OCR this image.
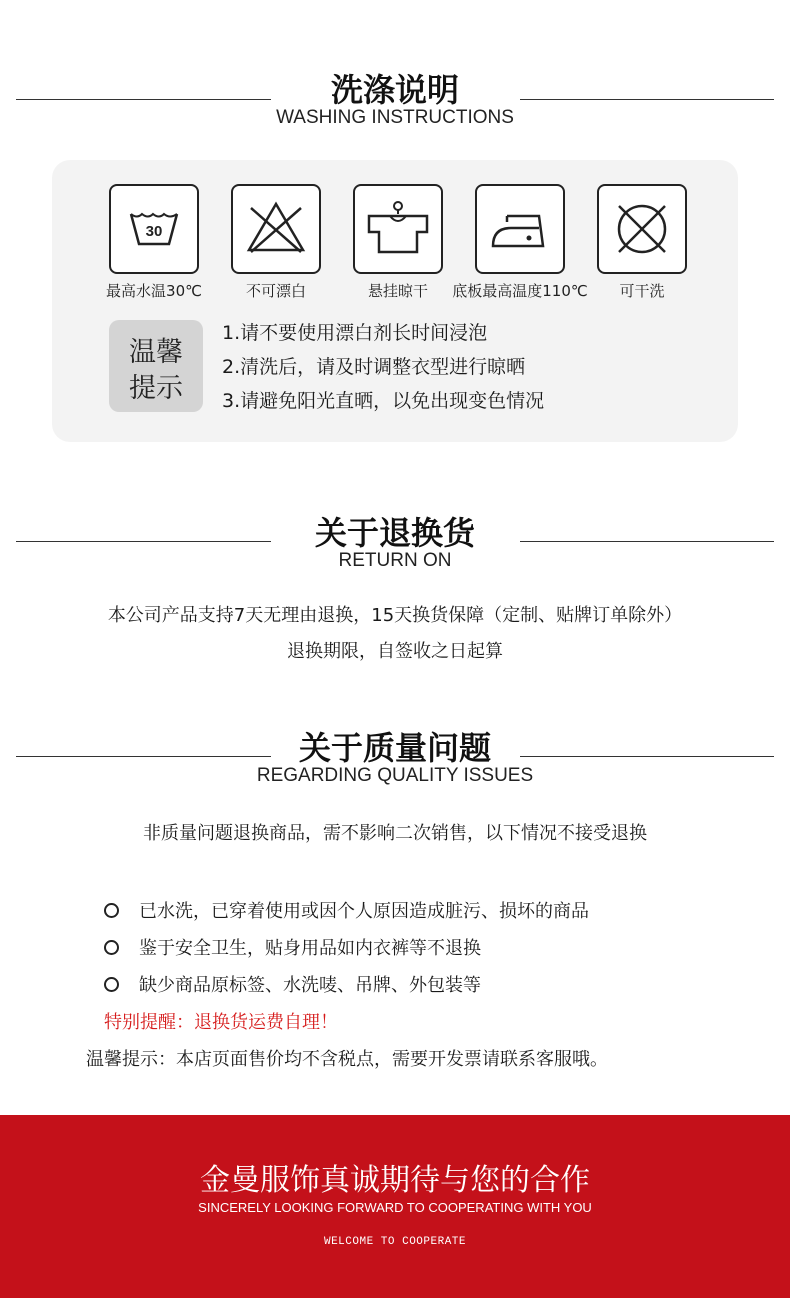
洗涤说明
WASHING INSTRUCTIONS
30
最高水温30℃	不可漂白	悬挂晾干	底板最高温度110℃	可干洗
温馨
提示
1.请不要使用漂白剂长时间浸泡
2.清洗后，请及时调整衣型进行晾晒
3.请避免阳光直晒，以免出现变色情况
关于退换货
RETURN ON
本公司产品支持7天无理由退换，15天换货保障（定制、贴牌订单除外）
退换期限，自签收之日起算
关于质量问题
REGARDING QUALITY ISSUES
非质量问题退换商品，需不影响二次销售，以下情况不接受退换
已水洗，已穿着使用或因个人原因造成脏污、损坏的商品
鉴于安全卫生，贴身用品如内衣裤等不退换
缺少商品原标签、水洗唛、吊牌、外包装等
特别提醒：退换货运费自理！
温馨提示：本店页面售价均不含税点，需要开发票请联系客服哦。
金曼服饰真诚期待与您的合作
SINCERELY LOOKING FORWARD TO COOPERATING WITH YOU
WELCOME TO COOPERATE
